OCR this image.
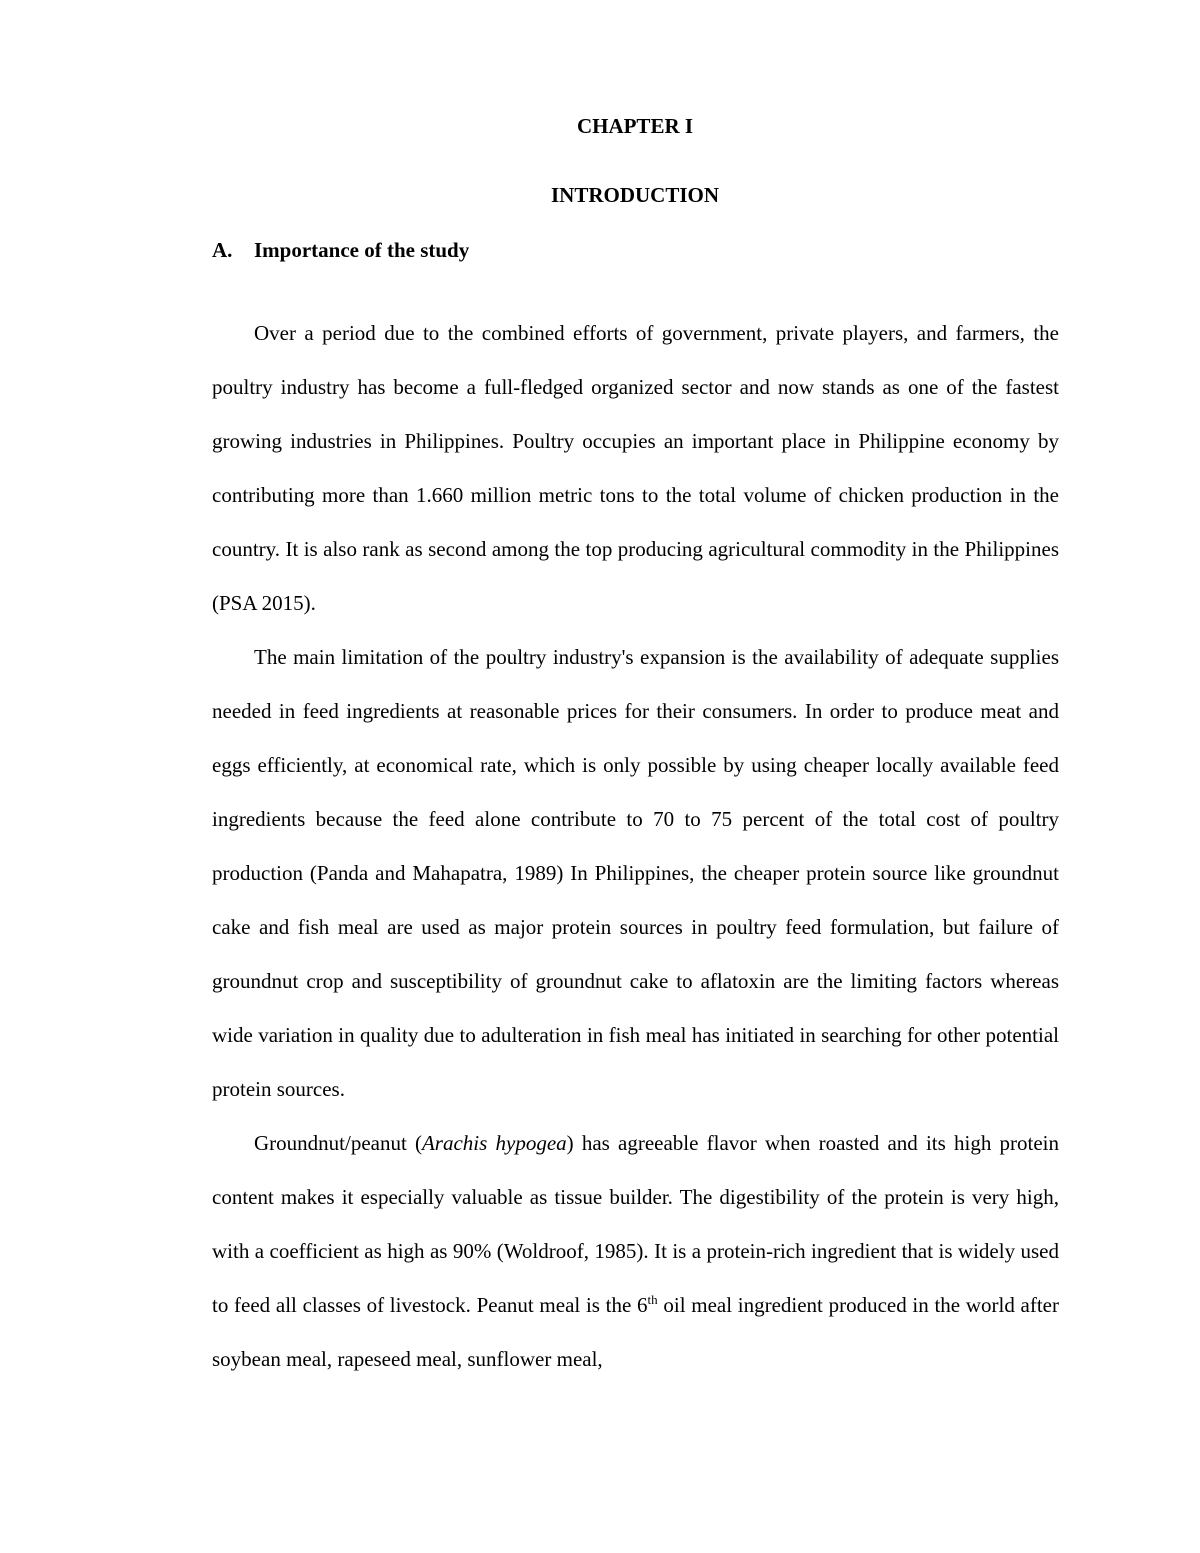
CHAPTER I
INTRODUCTION
A. Importance of the study

Over a period due to the combined efforts of government, private players, and farmers, the poultry industry has become a full-fledged organized sector and now stands as one of the fastest growing industries in Philippines. Poultry occupies an important place in Philippine economy by contributing more than 1.660 million metric tons to the total volume of chicken production in the country. It is also rank as second among the top producing agricultural commodity in the Philippines (PSA 2015).

The main limitation of the poultry industry's expansion is the availability of adequate supplies needed in feed ingredients at reasonable prices for their consumers. In order to produce meat and eggs efficiently, at economical rate, which is only possible by using cheaper locally available feed ingredients because the feed alone contribute to 70 to 75 percent of the total cost of poultry production (Panda and Mahapatra, 1989) In Philippines, the cheaper protein source like groundnut cake and fish meal are used as major protein sources in poultry feed formulation, but failure of groundnut crop and susceptibility of groundnut cake to aflatoxin are the limiting factors whereas wide variation in quality due to adulteration in fish meal has initiated in searching for other potential protein sources.

Groundnut/peanut (Arachis hypogea) has agreeable flavor when roasted and its high protein content makes it especially valuable as tissue builder. The digestibility of the protein is very high, with a coefficient as high as 90% (Woldroof, 1985). It is a protein-rich ingredient that is widely used to feed all classes of livestock. Peanut meal is the 6th oil meal ingredient produced in the world after soybean meal, rapeseed meal, sunflower meal,
